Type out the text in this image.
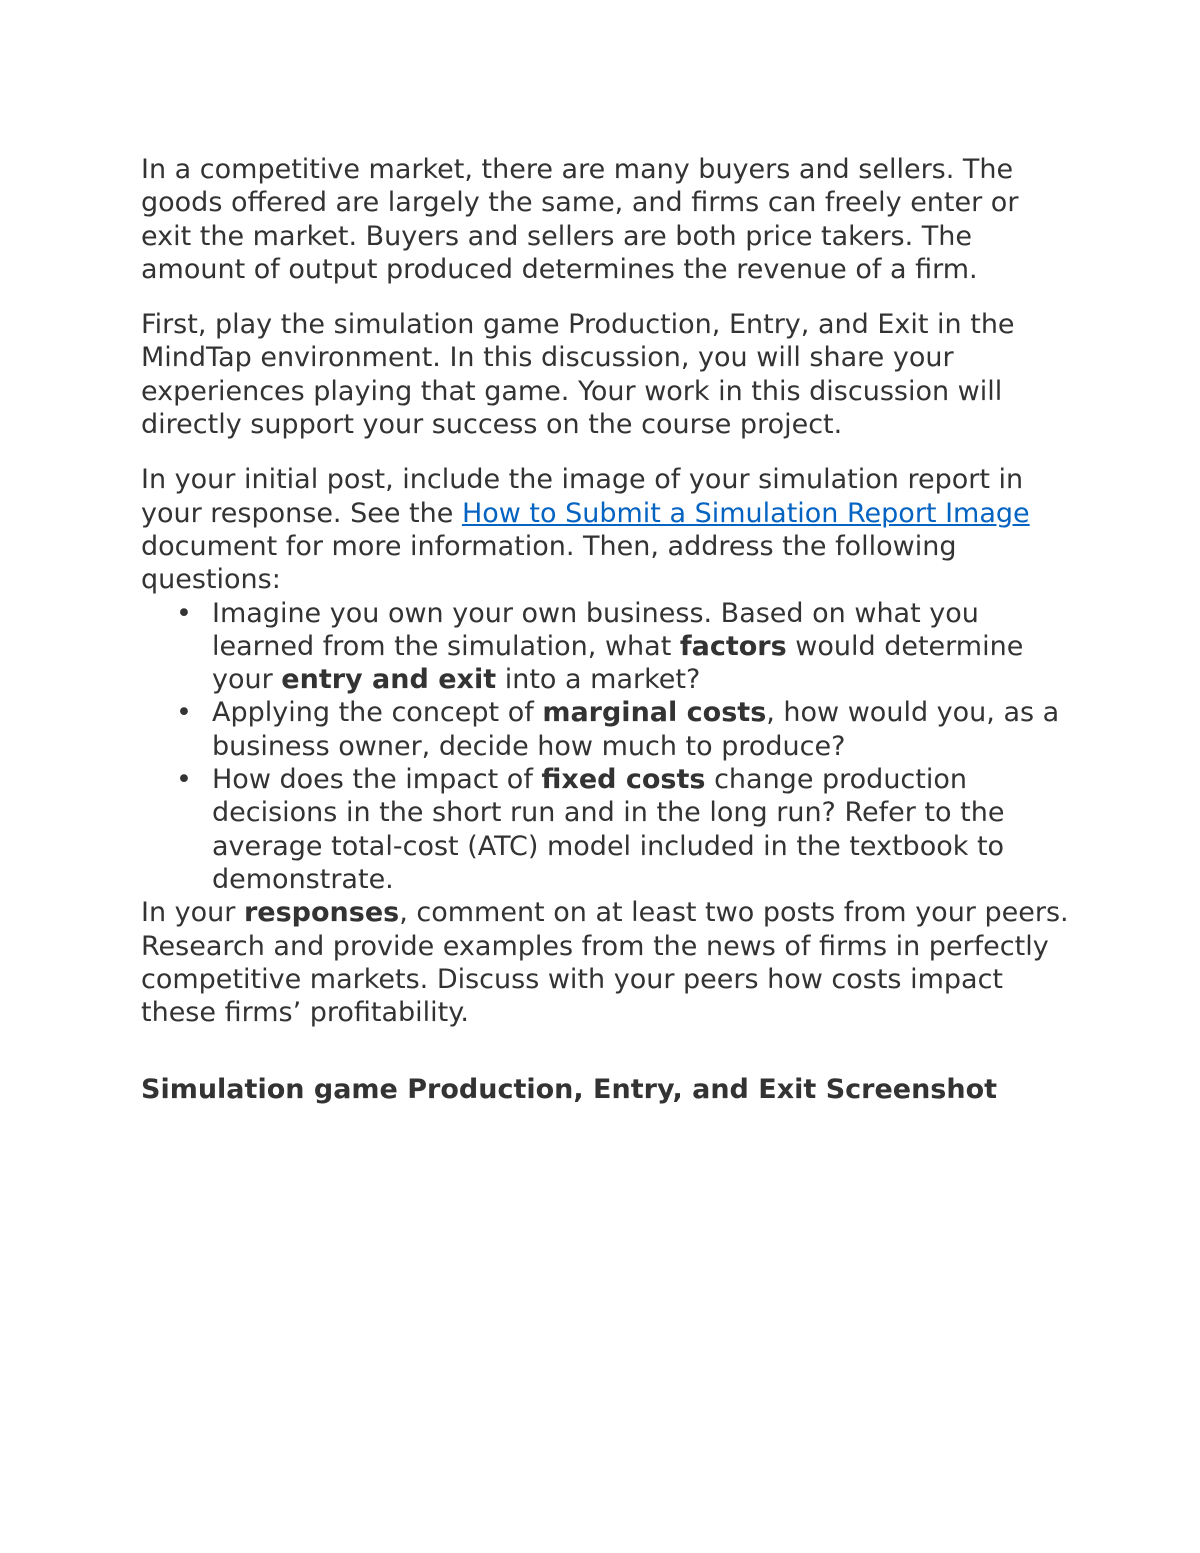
In a competitive market, there are many buyers and sellers. The goods offered are largely the same, and firms can freely enter or exit the market. Buyers and sellers are both price takers. The amount of output produced determines the revenue of a firm.

First, play the simulation game Production, Entry, and Exit in the MindTap environment. In this discussion, you will share your experiences playing that game. Your work in this discussion will directly support your success on the course project.

In your initial post, include the image of your simulation report in your response. See the How to Submit a Simulation Report Image document for more information. Then, address the following questions:

• Imagine you own your own business. Based on what you learned from the simulation, what factors would determine your entry and exit into a market?
• Applying the concept of marginal costs, how would you, as a business owner, decide how much to produce?
• How does the impact of fixed costs change production decisions in the short run and in the long run? Refer to the average total-cost (ATC) model included in the textbook to demonstrate.

In your responses, comment on at least two posts from your peers. Research and provide examples from the news of firms in perfectly competitive markets. Discuss with your peers how costs impact these firms’ profitability.

Simulation game Production, Entry, and Exit Screenshot
